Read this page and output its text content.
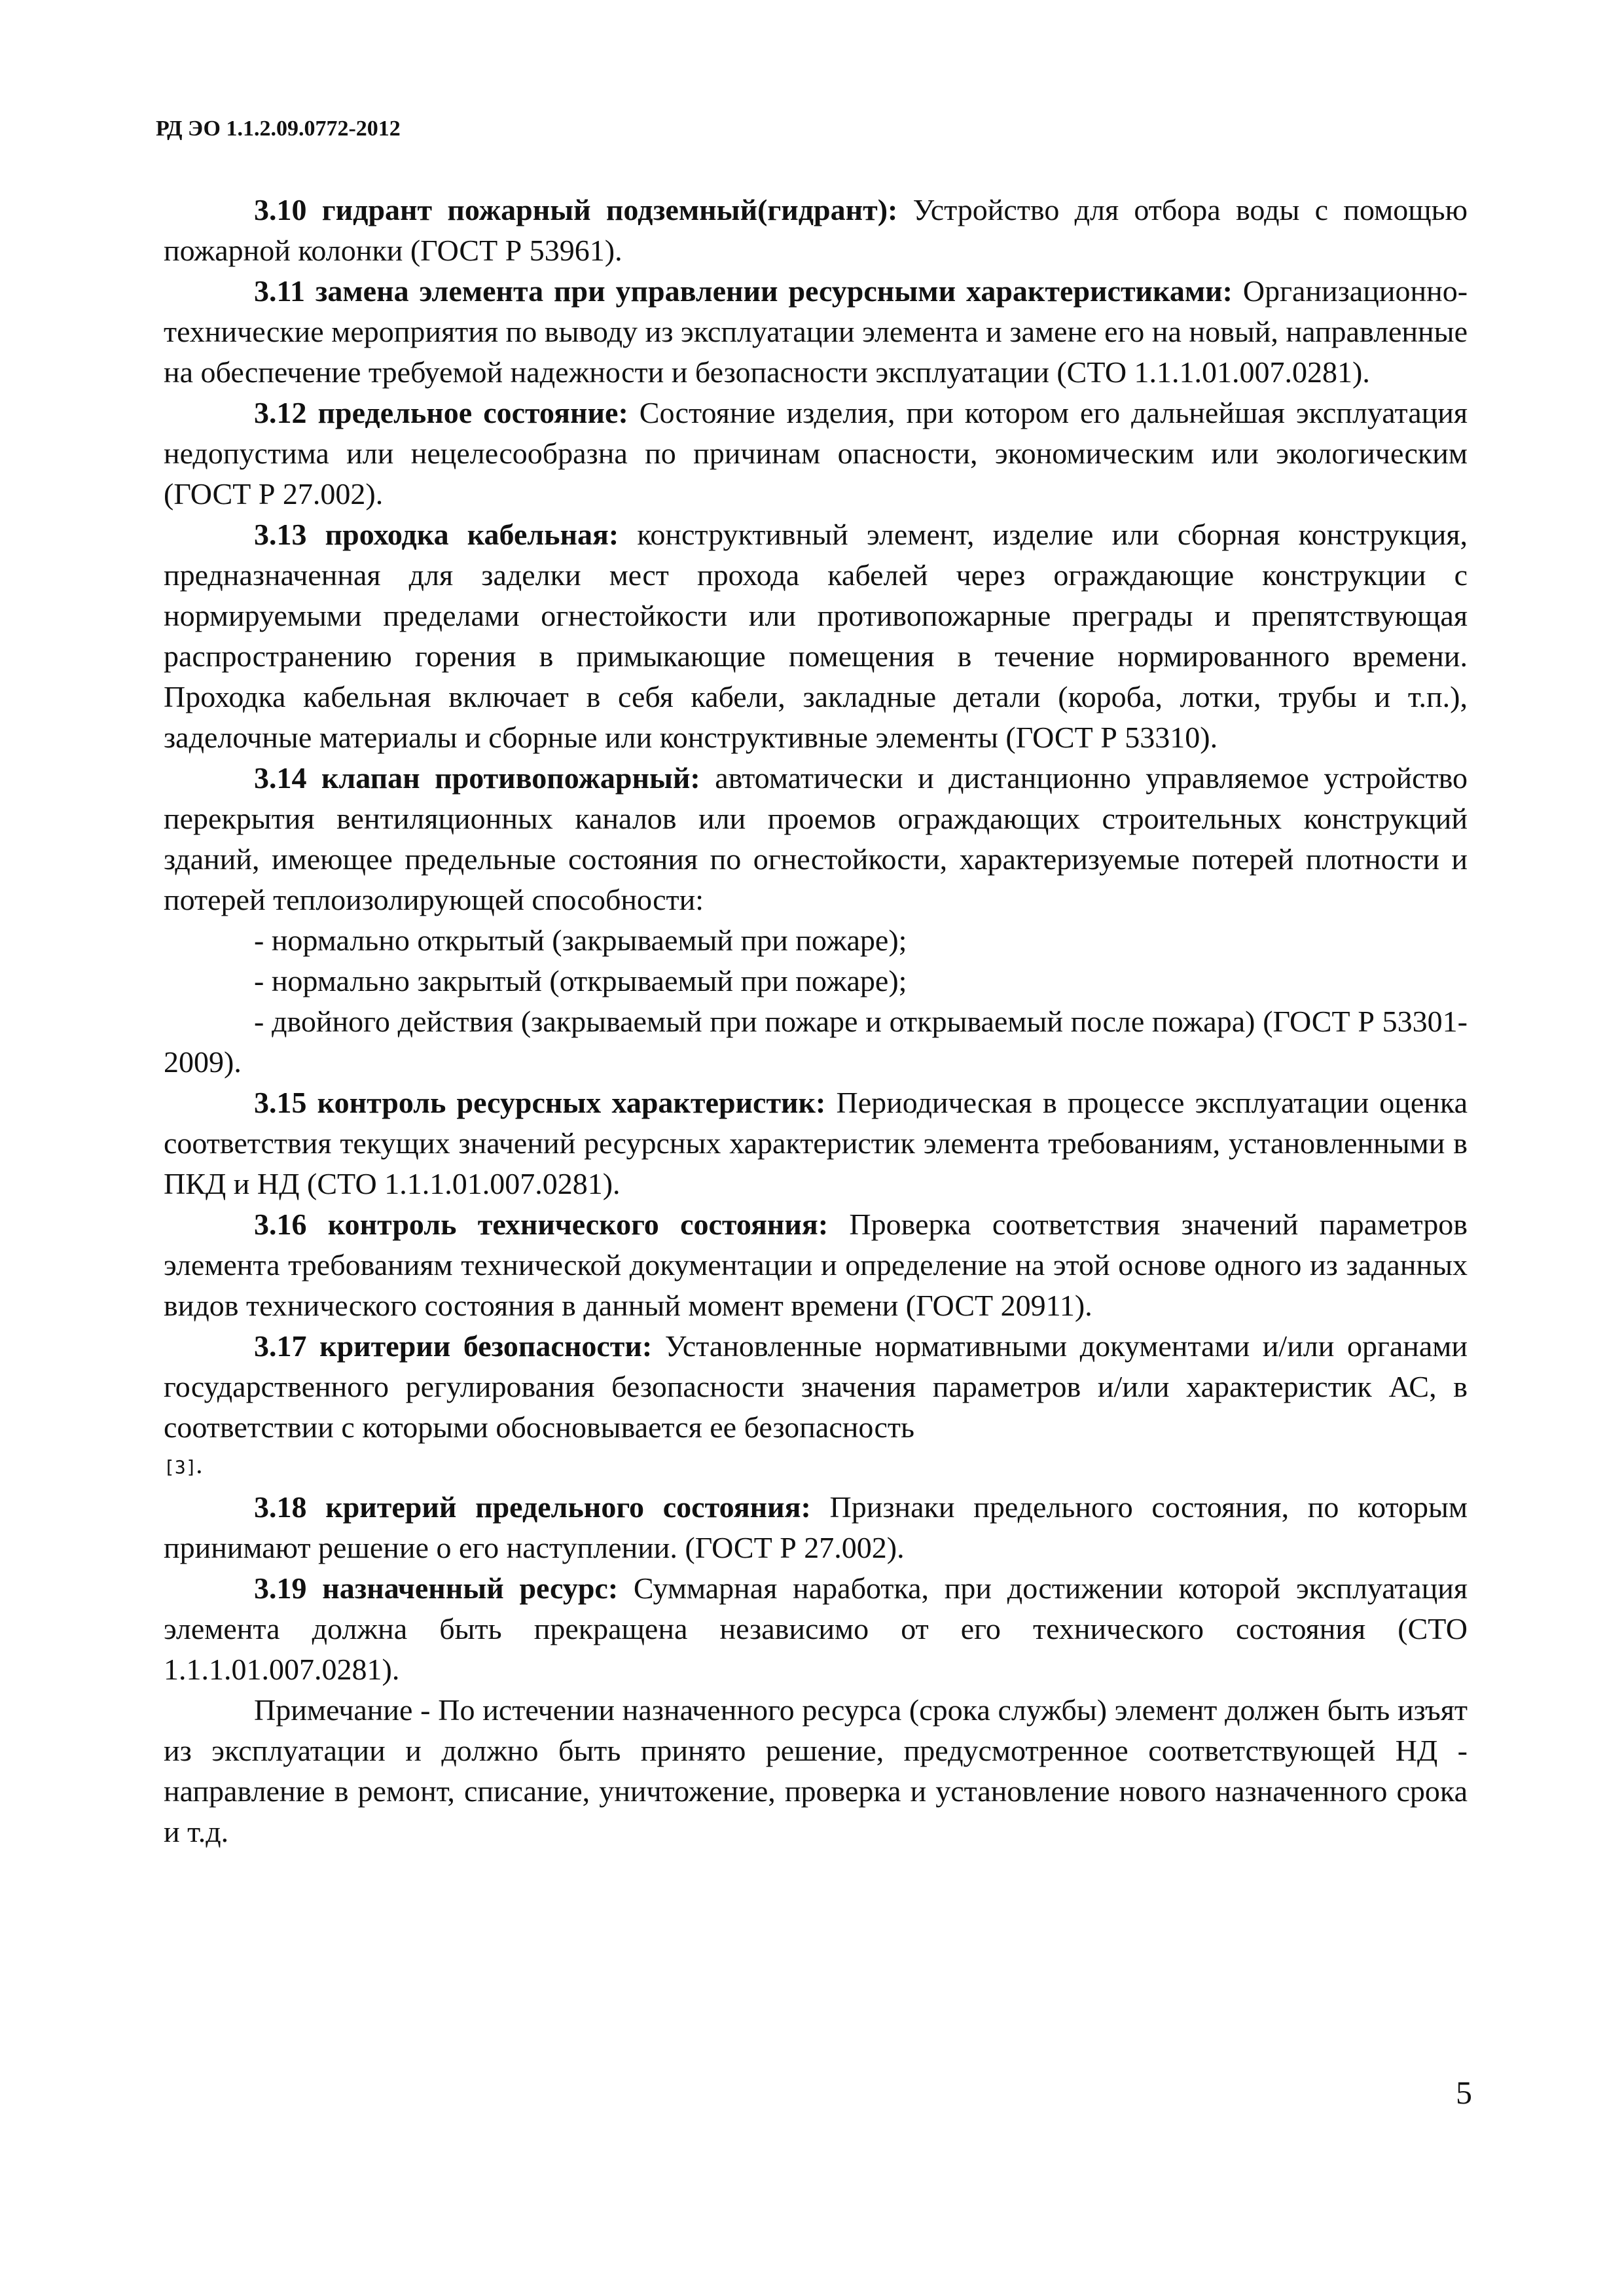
РД ЭО 1.1.2.09.0772-2012

3.10 гидрант пожарный подземный(гидрант): Устройство для отбора воды с помощью пожарной колонки (ГОСТ Р 53961).

3.11 замена элемента при управлении ресурсными характеристиками: Организационно-технические мероприятия по выводу из эксплуатации элемента и замене его на новый, направленные на обеспечение требуемой надежности и безопасности эксплуатации (СТО 1.1.1.01.007.0281).

3.12 предельное состояние: Состояние изделия, при котором его дальнейшая эксплуатация недопустима или нецелесообразна по причинам опасности, экономическим или экологическим (ГОСТ Р 27.002).

3.13 проходка кабельная: конструктивный элемент, изделие или сборная конструкция, предназначенная для заделки мест прохода кабелей через ограждающие конструкции с нормируемыми пределами огнестойкости или противопожарные преграды и препятствующая распространению горения в примыкающие помещения в течение нормированного времени. Проходка кабельная включает в себя кабели, закладные детали (короба, лотки, трубы и т.п.), заделочные материалы и сборные или конструктивные элементы (ГОСТ Р 53310).

3.14 клапан противопожарный: автоматически и дистанционно управляемое устройство перекрытия вентиляционных каналов или проемов ограждающих строительных конструкций зданий, имеющее предельные состояния по огнестойкости, характеризуемые потерей плотности и потерей теплоизолирующей способности:

- нормально открытый (закрываемый при пожаре);

- нормально закрытый (открываемый при пожаре);

- двойного действия (закрываемый при пожаре и открываемый после пожара) (ГОСТ Р 53301-2009).

3.15 контроль ресурсных характеристик: Периодическая в процессе эксплуатации оценка соответствия текущих значений ресурсных характеристик элемента требованиям, установленными в ПКД и НД (СТО 1.1.1.01.007.0281).

3.16 контроль технического состояния: Проверка соответствия значений параметров элемента требованиям технической документации и определение на этой основе одного из заданных видов технического состояния в данный момент времени (ГОСТ 20911).

3.17 критерии безопасности: Установленные нормативными документами и/или органами государственного регулирования безопасности значения параметров и/или характеристик АС, в соответствии с которыми обосновывается ее безопасность

[3].

3.18 критерий предельного состояния: Признаки предельного состояния, по которым принимают решение о его наступлении. (ГОСТ Р 27.002).

3.19 назначенный ресурс: Суммарная наработка, при достижении которой эксплуатация элемента должна быть прекращена независимо от его технического состояния (СТО 1.1.1.01.007.0281).

Примечание - По истечении назначенного ресурса (срока службы) элемент должен быть изъят из эксплуатации и должно быть принято решение, предусмотренное соответствующей НД - направление в ремонт, списание, уничтожение, проверка и установление нового назначенного срока и т.д.

5
